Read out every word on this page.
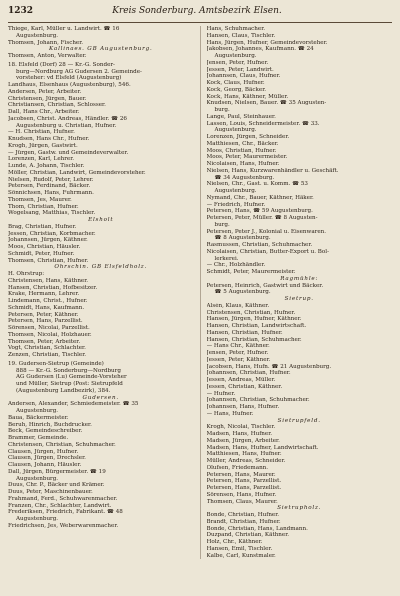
1232	Kreis Sonderburg. Amtsbezirk Elsen.
Thiege, Karl, Müller u. Landwirt. ☎ 16
Augustenburg.
Thomsen, Johann, Fischer.
Kallinaes. GB Augustenburg.
Thomsen, Anton, Verwalter.
18. Elsfeld (Dorf) 28 — Kr.-G. Sonder-
burg—Nordburg AG Gudersen 2. Gemeinde-
vorsteher: vd Elsfeld (Augustenburg)
Landhaus, Elsenhaus (Augustenburg), 546.
Andersen, Peter, Arbeiter.
Christensen, Jürgen, Bauer.
Christiansen, Christian, Schlosser.
Dall, Hans Chr., Arbeiter.
Jacobsen, Christ. Andreas, Händler. ☎ 26
Augustenburg u. Christian, Hufner.
— H. Christian, Hufner.
Knudsen, Hans Chr., Hufner.
Krogh, Jürgen, Gastwirt.
— Jürgen, Gastw. und Gemeindeverwalter.
Lorenzen, Karl, Lehrer.
Lunde, A. Johann, Tischler.
Möller, Christian, Landwirt, Gemeindevorsteher.
Nielsen, Rudolf, Peter, Lehrer.
Petersen, Ferdinand, Bäcker.
Sönnichsen, Hans, Fuhrmann.
Thomsen, Jes, Maurer.
Thom, Christian, Hufner.
Wogelsang, Matthias, Tischler.
Elsholt
Brag, Christian, Hufner.
Jessen, Christian, Korbmacher.
Johannsen, Jürgen, Käthner.
Moos, Christian, Häusler.
Schmidt, Peter, Hufner.
Thomsen, Christian, Hufner.
Ohrschin. GB Elsfeldholz.
H. Ohrstrup:
Christensen, Hans, Käthner.
Hansen, Christian, Hofbesitzer.
Krake, Hermann, Lehrer.
Lindemann, Christ., Hufner.
Schmidt, Hans, Kaufmann.
Petersen, Peter, Käthner.
Petersen, Hans, Parzellist.
Sörensen, Nicolai, Parzellist.
Thomsen, Nicolai, Holzhauer.
Thomsen, Peter, Arbeiter.
Vogt, Christian, Schlachter.
Zenzen, Christian, Tischler.
19. Gudersen-Sietrup (Gemeinde)
888 — Kr.-G. Sonderburg—Nordburg
AG Gudersen (Lu) Gemeinde-Vorsteher
und Müller, Sietrup (Post: Sietrupfeld
(Augustenburg Landbezirk), 384.
Gudersen.
Andersen, Alexander, Schmiedemeister. ☎ 35
Augustenburg.
Baua, Bäckermeister.
Beruh, Hinrich, Buchdrucker.
Beck, Gemeindeschreiber.
Brammer, Gemeinde.
Christensen, Christian, Schuhmacher.
Clausen, Jürgen, Hufner.
Clausen, Jürgen, Drechsler.
Clausen, Johann, Häusler.
Dall, Jürgen, Bürgermeister. ☎ 19
Augustenburg.
Duus, Chr. P., Bäcker und Krämer.
Duus, Peter, Maschinenbauer.
Frahmand, Ferd., Schuhwarenmacher.
Franzen, Chr., Schlachter, Landwirt.
Frederiksen, Friedrich, Fabrikant. ☎ 48
Augustenburg.
Friedrichsen, Jes, Weberwarenmacher.
Hans, Schuhmacher.
Hansen, Claus, Tischler.
Hans, Jürgen, Hufner, Gemeindevorsteher.
Jakobsen, Johannes, Kaufmann. ☎ 24
Augustenburg.
Jensen, Peter, Hufner.
Jessen, Peter, Landwirt.
Johannsen, Claus, Hufner.
Kock, Claus, Hufner.
Kock, Georg, Bäcker.
Kock, Hans, Käthner, Müller.
Knudsen, Nielsen, Bauer. ☎ 35 Augusten-
burg.
Lange, Paul, Steinhauer.
Lassen, Louis, Schneidermeister. ☎ 33.
Augustenburg.
Lorenzen, Jürgen, Schneider.
Matthiesen, Chr., Bäcker.
Moos, Christian, Hufner.
Moos, Peter, Maurermeister.
Nicolaisen, Hans, Hufner.
Nielsen, Hans, Kurzwarenhändler u. Geschäft.
☎ 34 Augustenburg.
Nielsen, Chr., Gast. u. Komm. ☎ 53
Augustenburg.
Nymand, Chr., Bauer, Käthner, Häker.
— Friedrich, Hufner.
Petersen, Hans, ☎ 59 Augustenburg.
Petersen, Peter, Müller. ☎ 8 Augusten-
burg.
Petersen, Peter J., Kolonial u. Eisenwaren.
☎ 8 Augustenburg.
Rasmussen, Christian, Schuhmacher.
Nicolaisen, Christian, Butter-Export u. Bol-
lerkerei.
— Chr., Holzhändler.
Schmidt, Peter, Maurermeister.
Ragmühle:
Petersen, Heinrich, Gastwirt und Bäcker.
☎ 5 Augustenburg.
Sietrup.
Alsén, Klaus, Käthner.
Christensen, Christian, Hufner.
Hansen, Jürgen, Hufner, Käthner.
Hansen, Christian, Landwirtschaft.
Hansen, Christian, Hufner.
Hansen, Christian, Schuhmacher.
— Hans Chr., Käthner.
Jensen, Peter, Hufner.
Jessen, Peter, Käthner.
Jacobsen, Hans, Hufn. ☎ 21 Augustenburg.
Johannsen, Christian, Hufner.
Jessen, Andreas, Müller.
Jessen, Christian, Käthner.
— Hufner.
Johannsen, Christian, Schuhmacher.
Johannsen, Hans, Hufner.
— Hans, Hufner.
Sietrupfeld.
Krogh, Nicolai, Tischler.
Madsen, Hans, Hufner.
Madsen, Jürgen, Arbeiter.
Madsen, Hans, Hufner, Landwirtschaft.
Matthiesen, Hans, Hufner.
Müller, Andreas, Schneider.
Olufsen, Friedemann.
Petersen, Hans, Maurer.
Petersen, Hans, Parzellist.
Petersen, Hans, Parzellist.
Sörensen, Hans, Hufner.
Thomsen, Claus, Maurer.
Sietrupholz.
Bonde, Christian, Hufner.
Brandt, Christian, Hufner.
Bonde, Christian, Hans, Landmann.
Duzpand, Christian, Käthner.
Holz, Chr., Käthner.
Hansen, Emil, Tischler.
Kalbe, Carl, Kunstmaler.
